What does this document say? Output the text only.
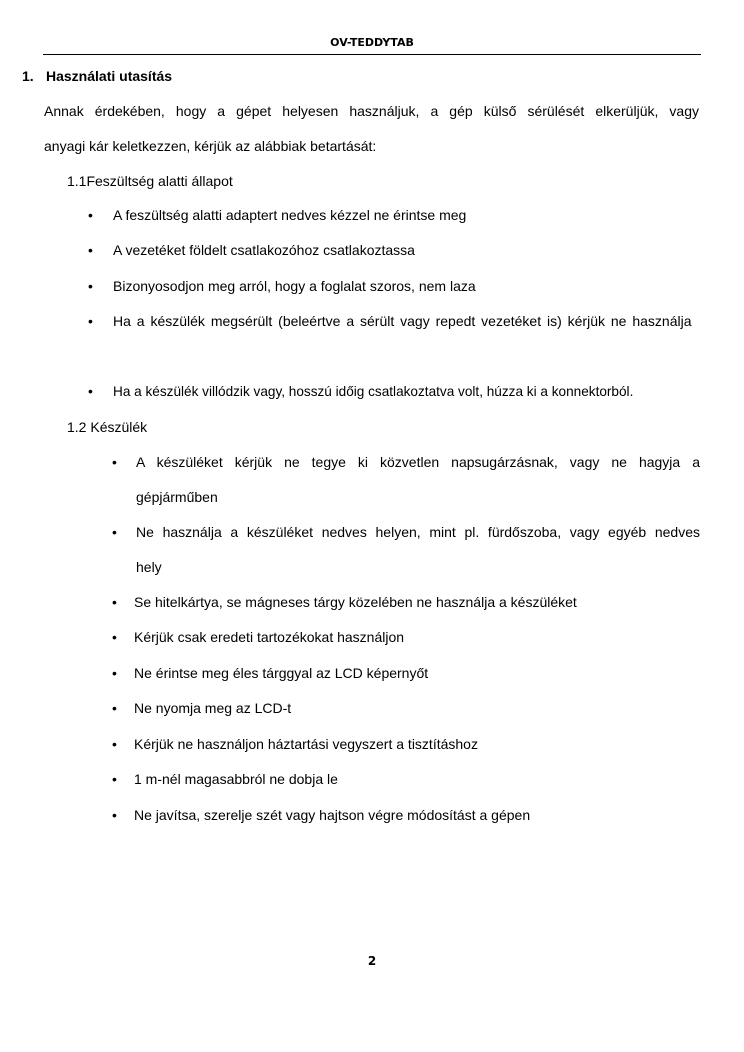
OV-TEDDYTAB
1. Használati utasítás
Annak érdekében, hogy a gépet helyesen használjuk, a gép külső sérülését elkerüljük, vagy
anyagi kár keletkezzen, kérjük az alábbiak betartását:
1.1Feszültség alatti állapot
•	A feszültség alatti adaptert nedves kézzel ne érintse meg
•	A vezetéket földelt csatlakozóhoz csatlakoztassa
•	Bizonyosodjon meg arról, hogy a foglalat szoros, nem laza
•	Ha a készülék megsérült (beleértve a sérült vagy repedt vezetéket is) kérjük ne használja
•	Ha a készülék villódzik vagy, hosszú időig csatlakoztatva volt, húzza ki a konnektorból.
1.2 Készülék
•	A készüléket kérjük ne tegye ki közvetlen napsugárzásnak, vagy ne hagyja a gépjárműben
•	Ne használja a készüléket nedves helyen, mint pl. fürdőszoba, vagy egyéb nedves hely
•	Se hitelkártya, se mágneses tárgy közelében ne használja a készüléket
•	Kérjük csak eredeti tartozékokat használjon
•	Ne érintse meg éles tárggyal az LCD képernyőt
•	Ne nyomja meg az LCD-t
•	Kérjük ne használjon háztartási vegyszert a tisztításhoz
•	1 m-nél magasabbról ne dobja le
•	Ne javítsa, szerelje szét vagy hajtson végre módosítást a gépen
2
